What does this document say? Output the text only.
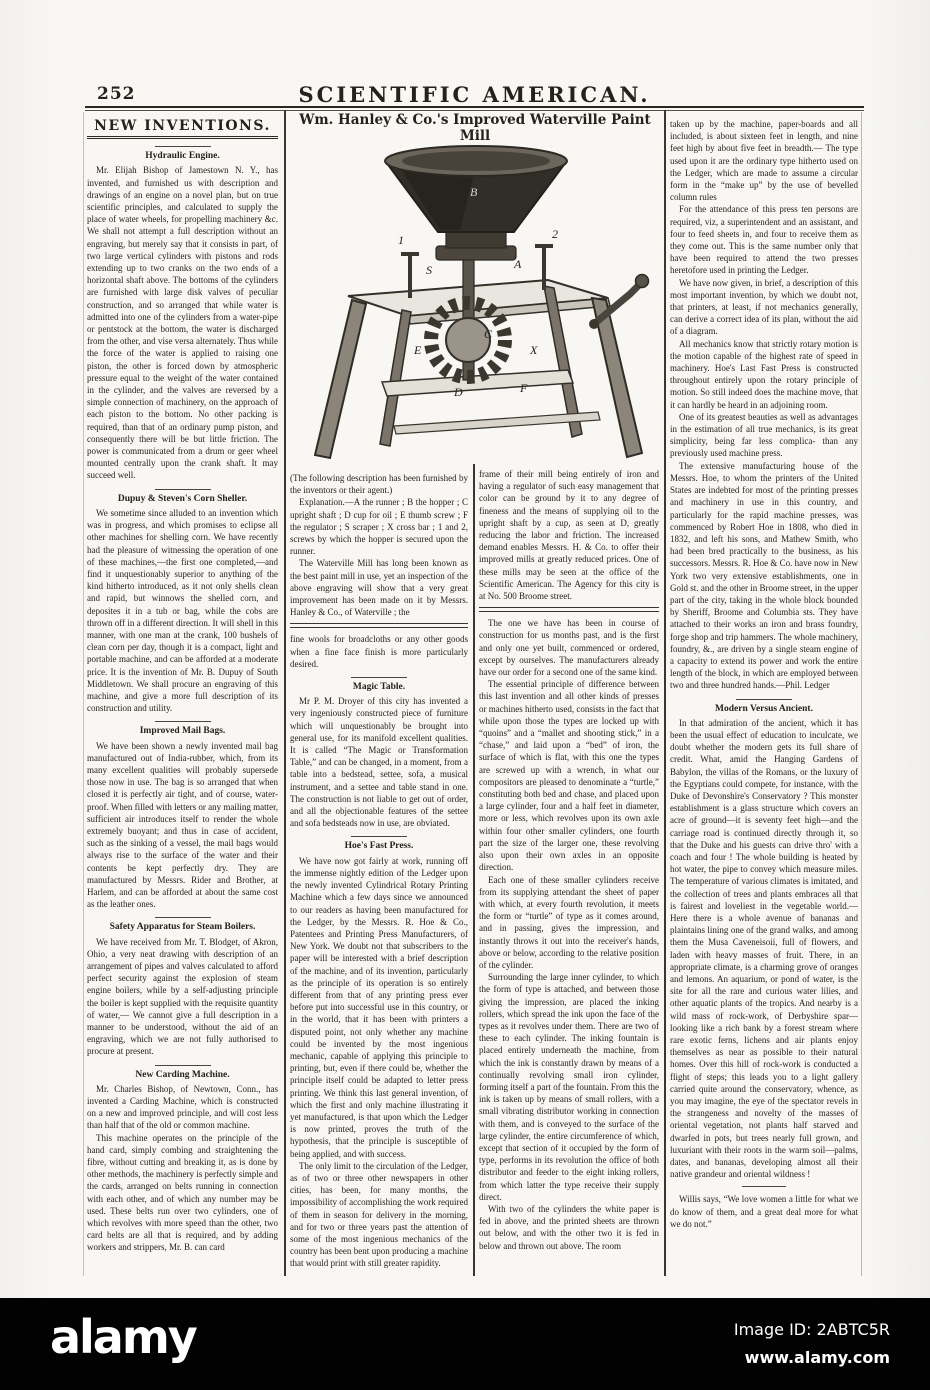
252	SCIENTIFIC AMERICAN.
Wm. Hanley & Co.'s Improved Waterville Paint Mill
1	2
B
A
S
C
E	X
D	F
NEW INVENTIONS.
Hydraulic Engine.
Mr. Elijah Bishop of Jamestown N. Y., has invented, and furnished us with description and drawings of an engine on a novel plan, but on true scientific principles, and calculated to supply the place of water wheels, for propelling machinery &c. We shall not attempt a full description without an engraving, but merely say that it consists in part, of two large vertical cylinders with pistons and rods extending up to two cranks on the two ends of a horizontal shaft above. The bottoms of the cylinders are furnished with large disk valves of peculiar construction, and so arranged that while water is admitted into one of the cylinders from a water-pipe or pentstock at the bottom, the water is discharged from the other, and vise versa alternately. Thus while the force of the water is applied to raising one piston, the other is forced down by atmospheric pressure equal to the weight of the water contained in the cylinder, and the valves are reversed by a simple connection of machinery, on the approach of each piston to the bottom. No other packing is required, than that of an ordinary pump piston, and consequently there will be but little friction. The power is communicated from a drum or geer wheel mounted centrally upon the crank shaft. It may succeed well.
Dupuy & Steven's Corn Sheller.
We sometime since alluded to an invention which was in progress, and which promises to eclipse all other machines for shelling corn. We have recently had the pleasure of witnessing the operation of one of these machines,—the first one completed,—and find it unquestionably superior to anything of the kind hitherto introduced, as it not only shells clean and rapid, but winnows the shelled corn, and deposites it in a tub or bag, while the cobs are thrown off in a different direction. It will shell in this manner, with one man at the crank, 100 bushels of clean corn per day, though it is a compact, light and portable machine, and can be afforded at a moderate price. It is the invention of Mr. B. Dupuy of South Middletown. We shall procure an engraving of this machine, and give a more full description of its construction and utility.
Improved Mail Bags.
We have been shown a newly invented mail bag manufactured out of India-rubber, which, from its many excellent qualities will probably supersede those now in use. The bag is so arranged that when closed it is perfectly air tight, and of course, water-proof. When filled with letters or any mailing matter, sufficient air introduces itself to render the whole extremely buoyant; and thus in case of accident, such as the sinking of a vessel, the mail bags would always rise to the surface of the water and their contents be kept perfectly dry. They are manufactured by Messrs. Rider and Brother, at Harlem, and can be afforded at about the same cost as the leather ones.
Safety Apparatus for Steam Boilers.
We have received from Mr. T. Blodget, of Akron, Ohio, a very neat drawing with description of an arrangement of pipes and valves calculated to afford perfect security against the explosion of steam engine boilers, while by a self-adjusting principle the boiler is kept supplied with the requisite quantity of water,— We cannot give a full description in a manner to be understood, without the aid of an engraving, which we are not fully authorised to procure at present.
New Carding Machine.
Mr. Charles Bishop, of Newtown, Conn., has invented a Carding Machine, which is constructed on a new and improved principle, and will cost less than half that of the old or common machine.
This machine operates on the principle of the hand card, simply combing and straightening the fibre, without cutting and breaking it, as is done by other methods, the machinery is perfectly simple and the cards, arranged on belts running in connection with each other, and of which any number may be used. These belts run over two cylinders, one of which revolves with more speed than the other, two card belts are all that is required, and by adding workers and strippers, Mr. B. can card
(The following description has been furnished by the inventors or their agent.)
Explanation.—A the runner ; B the hopper ; C upright shaft ; D cup for oil ; E thumb screw ; F the regulator ; S scraper ; X cross bar ; 1 and 2, screws by which the hopper is secured upon the runner.
The Waterville Mill has long been known as the best paint mill in use, yet an inspection of the above engraving will show that a very great improvement has been made on it by Messrs. Hanley & Co., of Waterville ; the
fine wools for broadcloths or any other goods when a fine face finish is more particularly desired.
Magic Table.
Mr P. M. Droyer of this city has invented a very ingeniously constructed piece of furniture which will unquestionably be brought into general use, for its manifold excellent qualities. It is called “The Magic or Transformation Table,” and can be changed, in a moment, from a table into a bedstead, settee, sofa, a musical instrument, and a settee and table stand in one. The construction is not liable to get out of order, and all the objectionable features of the settee and sofa bedsteads now in use, are obviated.
Hoe's Fast Press.
We have now got fairly at work, running off the immense nightly edition of the Ledger upon the newly invented Cylindrical Rotary Printing Machine which a few days since we announced to our readers as having been manufactured for the Ledger, by the Messrs. R. Hoe & Co., Patentees and Printing Press Manufacturers, of New York. We doubt not that subscribers to the paper will be interested with a brief description of the machine, and of its invention, particularly as the principle of its operation is so entirely different from that of any printing press ever before put into successful use in this country, or in the world, that it has been with printers a disputed point, not only whether any machine could be invented by the most ingenious mechanic, capable of applying this principle to printing, but, even if there could be, whether the principle itself could be adapted to letter press printing. We think this last general invention, of which the first and only machine illustrating it yet manufactured, is that upon which the Ledger is now printed, proves the truth of the hypothesis, that the principle is susceptible of being applied, and with success.
The only limit to the circulation of the Ledger, as of two or three other newspapers in other cities, has been, for many months, the impossibility of accomplishing the work required of them in season for delivery in the morning, and for two or three years past the attention of some of the most ingenious mechanics of the country has been bent upon producing a machine that would print with still greater rapidity.
frame of their mill being entirely of iron and having a regulator of such easy management that color can be ground by it to any degree of fineness and the means of supplying oil to the upright shaft by a cup, as seen at D, greatly reducing the labor and friction. The increased demand enables Messrs. H. & Co. to offer their improved mills at greatly reduced prices. One of these mills may be seen at the office of the Scientific American. The Agency for this city is at No. 500 Broome street.
The one we have has been in course of construction for us months past, and is the first and only one yet built, commenced or ordered, except by ourselves. The manufacturers already have our order for a second one of the same kind.
The essential principle of difference between this last invention and all other kinds of presses or machines hitherto used, consists in the fact that while upon those the types are locked up with “quoins” and a “mallet and shooting stick,” in a “chase,” and laid upon a “bed” of iron, the surface of which is flat, with this one the types are screwed up with a wrench, in what our compositors are pleased to denominate a “turtle,” constituting both bed and chase, and placed upon a large cylinder, four and a half feet in diameter, more or less, which revolves upon its own axle within four other smaller cylinders, one fourth part the size of the larger one, these revolving also upon their own axles in an opposite direction.
Each one of these smaller cylinders receive from its supplying attendant the sheet of paper with which, at every fourth revolution, it meets the form or “turtle” of type as it comes around, and in passing, gives the impression, and instantly throws it out into the receiver's hands, above or below, according to the relative position of the cylinder.
Surrounding the large inner cylinder, to which the form of type is attached, and between those giving the impression, are placed the inking rollers, which spread the ink upon the face of the types as it revolves under them. There are two of these to each cylinder. The inking fountain is placed entirely underneath the machine, from which the ink is constantly drawn by means of a continually revolving small iron cylinder, forming itself a part of the fountain. From this the ink is taken up by means of small rollers, with a small vibrating distributor working in connection with them, and is conveyed to the surface of the large cylinder, the entire circumference of which, except that section of it occupied by the form of type, performs in its revolution the office of both distributor and feeder to the eight inking rollers, from which latter the type receive their supply direct.
With two of the cylinders the white paper is fed in above, and the printed sheets are thrown out below, and with the other two it is fed in below and thrown out above. The room
taken up by the machine, paper-boards and all included, is about sixteen feet in length, and nine feet high by about five feet in breadth.— The type used upon it are the ordinary type hitherto used on the Ledger, which are made to assume a circular form in the “make up” by the use of bevelled column rules
For the attendance of this press ten persons are required, viz, a superintendent and an assistant, and four to feed sheets in, and four to receive them as they come out. This is the same number only that have been required to attend the two presses heretofore used in printing the Ledger.
We have now given, in brief, a description of this most important invention, by which we doubt not, that printers, at least, if not mechanics generally, can derive a correct idea of its plan, without the aid of a diagram.
All mechanics know that strictly rotary motion is the motion capable of the highest rate of speed in machinery. Hoe's Last Fast Press is constructed throughout entirely upon the rotary principle of motion. So still indeed does the machine move, that it can hardly be heard in an adjoining room.
One of its greatest beauties as well as advantages in the estimation of all true mechanics, is its great simplicity, being far less complica- than any previously used machine press.
The extensive manufacturing house of the Messrs. Hoe, to whom the printers of the United States are indebted for most of the printing presses and machinery in use in this country, and particularly for the rapid machine presses, was commenced by Robert Hoe in 1808, who died in 1832, and left his sons, and Mathew Smith, who had been bred practically to the business, as his successors. Messrs. R. Hoe & Co. have now in New York two very extensive establishments, one in Gold st. and the other in Broome street, in the upper part of the city, taking in the whole block bounded by Sheriff, Broome and Columbia sts. They have attached to their works an iron and brass foundry, forge shop and trip hammers. The whole machinery, foundry, &., are driven by a single steam engine of a capacity to extend its power and work the entire length of the block, in which are employed between two and three hundred hands.—Phil. Ledger
Modern Versus Ancient.
In that admiration of the ancient, which it has been the usual effect of education to inculcate, we doubt whether the modern gets its full share of credit. What, amid the Hanging Gardens of Babylon, the villas of the Romans, or the luxury of the Egyptians could compete, for instance, with the Duke of Devonshire's Conservatory ? This monster establishment is a glass structure which covers an acre of ground—it is seventy feet high—and the carriage road is continued directly through it, so that the Duke and his guests can drive thro' with a coach and four ! The whole building is heated by hot water, the pipe to convey which measure miles. The temperature of various climates is imitated, and the collection of trees and plants embraces all that is fairest and loveliest in the vegetable world.— Here there is a whole avenue of bananas and plaintains lining one of the grand walks, and among them the Musa Caveneisoii, full of flowers, and laden with heavy masses of fruit. There, in an appropriate climate, is a charming grove of oranges and lemons. An aquarium, or pond of water, is the site for all the rare and curious water lilies, and other aquatic plants of the tropics. And nearby is a wild mass of rock-work, of Derbyshire spar—looking like a rich bank by a forest stream where rare exotic ferns, lichens and air plants enjoy themselves as near as possible to their natural homes. Over this hill of rock-work is conducted a flight of steps; this leads you to a light gallery carried quite around the conservatory, whence, as you may imagine, the eye of the spectator revels in the strangeness and novelty of the masses of oriental vegetation, not plants half starved and dwarfed in pots, but trees nearly full grown, and luxuriant with their roots in the warm soil—palms, dates, and bananas, developing almost all their native grandeur and oriental wildness !
Willis says, “We love women a little for what we do know of them, and a great deal more for what we do not.”
alamy	Image ID: 2ABTC5R
www.alamy.com
